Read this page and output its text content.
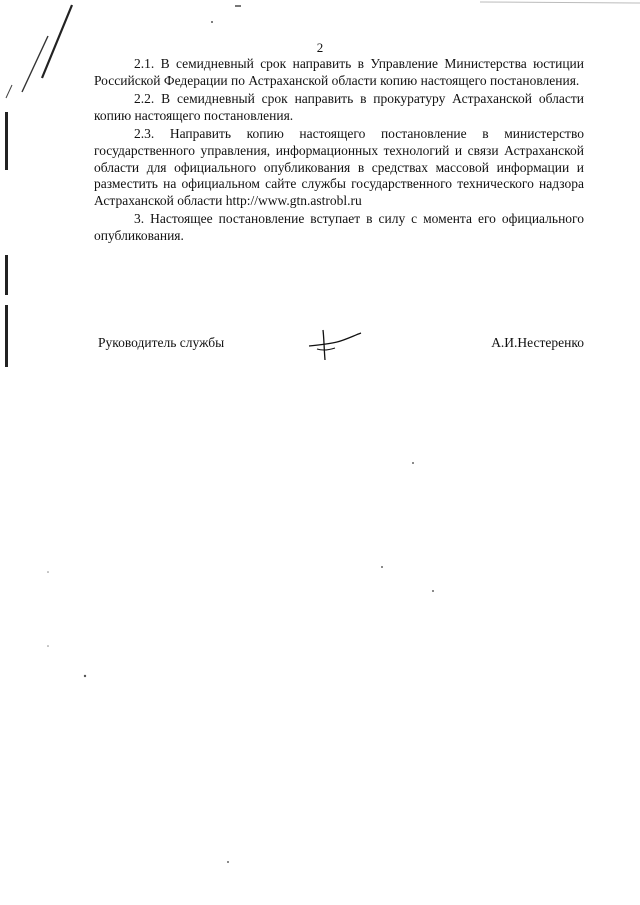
2

2.1. В семидневный срок направить в Управление Министерства юстиции Российской Федерации по Астраханской области копию настоящего постановления.

2.2. В семидневный срок направить в прокуратуру Астраханской области копию настоящего постановления.

2.3. Направить копию настоящего постановление в министерство государственного управления, информационных технологий и связи Астраханской области для официального опубликования в средствах массовой информации и разместить на официальном сайте службы государственного технического надзора Астраханской области http://www.gtn.astrobl.ru

3. Настоящее постановление вступает в силу с момента его официального опубликования.

Руководитель службы	А.И.Нестеренко
